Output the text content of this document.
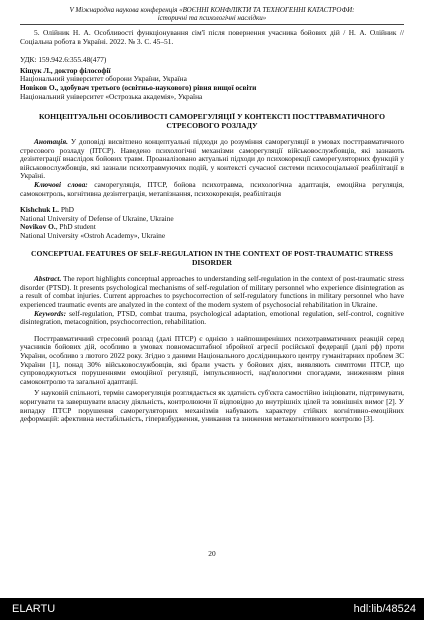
V Міжнародна наукова конференція «ВОЄННІ КОНФЛІКТИ ТА ТЕХНОГЕННІ КАТАСТРОФИ:
історичні та психологічні наслідки»

5. Олійник Н. А. Особливості функціонування сім'ї після повернення учасника бойових дій / Н. А. Олійник // Соціальна робота в Україні. 2022. № 3. С. 45–51.

УДК: 159.942.6:355.48(477)

Кіщук Л., доктор філософії

Національний університет оборони України, Україна

Новіков О., здобувач третього (освітньо-наукового) рівня вищої освіти

Національний університет «Острозька академія», Україна

КОНЦЕПТУАЛЬНІ ОСОБЛИВОСТІ САМОРЕГУЛЯЦІЇ У КОНТЕКСТІ ПОСТТРАВМАТИЧНОГО СТРЕСОВОГО РОЗЛАДУ

Анотація. У доповіді висвітлено концептуальні підходи до розуміння саморегуляції в умовах посттравматичного стресового розладу (ПТСР). Наведено психологічні механізми саморегуляції військовослужбовців, які зазнають дезінтеграції внаслідок бойових травм. Проаналізовано актуальні підходи до психокорекції саморегуляторних функцій у військовослужбовців, які зазнали психотравмуючих подій, у контексті сучасної системи психосоціальної реабілітації в Україні.

Ключові слова: саморегуляція, ПТСР, бойова психотравма, психологічна адаптація, емоційна регуляція, самоконтроль, когнітивна дезінтеграція, метапізнання, психокорекція, реабілітація

Kishchuk L. PhD

National University of Defense of Ukraine, Ukraine

Novikov O., PhD student

National University «Ostroh Academy», Ukraine

CONCEPTUAL FEATURES OF SELF-REGULATION IN THE CONTEXT OF POST-TRAUMATIC STRESS DISORDER

Abstract. The report highlights conceptual approaches to understanding self-regulation in the context of post-traumatic stress disorder (PTSD). It presents psychological mechanisms of self-regulation of military personnel who experience disintegration as a result of combat injuries. Current approaches to psychocorrection of self-regulatory functions in military personnel who have experienced traumatic events are analyzed in the context of the modern system of psychosocial rehabilitation in Ukraine.

Keywords: self-regulation, PTSD, combat trauma, psychological adaptation, emotional regulation, self-control, cognitive disintegration, metacognition, psychocorrection, rehabilitation.

Посттравматичний стресовий розлад (далі ПТСР) є однією з найпоширеніших психотравматичних реакцій серед учасників бойових дій, особливо в умовах повномасштабної збройної агресії російської федерації (далі рф) проти України, особливо з лютого 2022 року. Згідно з даними Національного дослідницького центру гуманітарних проблем ЗС України [1], понад 30% військовослужбовців, які брали участь у бойових діях, виявляють симптоми ПТСР, що супроводжуються порушеннями емоційної регуляції, імпульсивності, над'вологими спогадами, зниженням рівня самоконтролю та загальної адаптації.

У науковій спільноті, термін саморегуляція розглядається як здатність суб'єкта самостійно ініціювати, підтримувати, коригувати та завершувати власну діяльність, контролюючи її відповідно до внутрішніх цілей та зовнішніх вимог [2]. У випадку ПТСР порушення саморегуляторних механізмів набувають характеру стійких когнітивно-емоційних деформацій: афективна нестабільність, гіпервзбудження, уникання та зниження метакогнітивного контролю [3].

20
ELARTU	hdl:lib/48524
